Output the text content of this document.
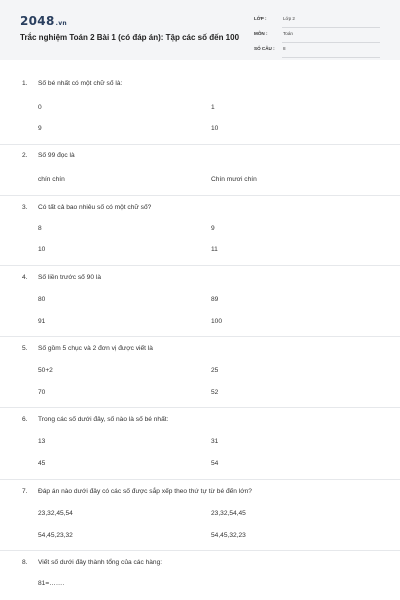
2048.vn
Trắc nghiệm Toán 2 Bài 1 (có đáp án): Tập các số đến 100
LỚP :	Lớp 2
MÔN :	Toán
SỐ CÂU : 8
1. Số bé nhất có một chữ số là:
0	1
9	10
2. Số 99 đọc là
chín chín	Chín mươi chín
3. Có tất cả bao nhiêu số có một chữ số?
8	9
10	11
4. Số liền trước số 90 là
80	89
91	100
5. Số gồm 5 chục và 2 đơn vị được viết là
50+2	25
70	52
6. Trong các số dưới đây, số nào là số bé nhất:
13	31
45	54
7. Đáp án nào dưới đây có các số được sắp xếp theo thứ tự từ bé đến lớn?
23,32,45,54	23,32,54,45
54,45,23,32	54,45,32,23
8. Viết số dưới đây thành tổng của các hàng:
81=…….
